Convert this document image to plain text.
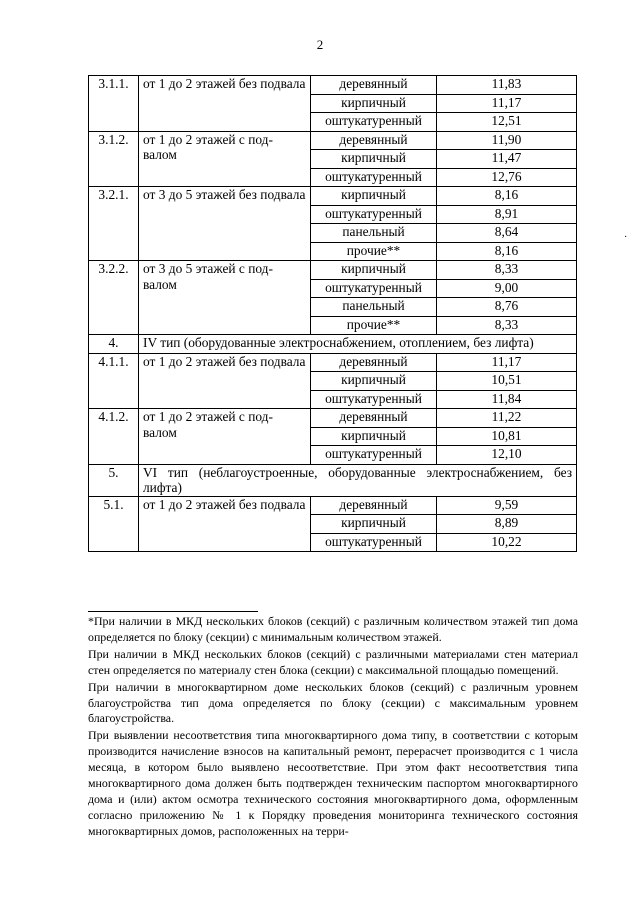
2
·
3.1.1.	от 1 до 2 этажей без подвала	деревянный	11,83
		кирпичный	11,17
		оштукатуренный	12,51
3.1.2.	от 1 до 2 этажей с под-валом	деревянный	11,90
		кирпичный	11,47
		оштукатуренный	12,76
3.2.1.	от 3 до 5 этажей без подвала	кирпичный	8,16
		оштукатуренный	8,91
		панельный	8,64
		прочие**	8,16
3.2.2.	от 3 до 5 этажей с под-валом	кирпичный	8,33
		оштукатуренный	9,00
		панельный	8,76
		прочие**	8,33
4.	IV тип (оборудованные электроснабжением, отоплением, без лифта)		
4.1.1.	от 1 до 2 этажей без подвала	деревянный	11,17
		кирпичный	10,51
		оштукатуренный	11,84
4.1.2.	от 1 до 2 этажей с под-валом	деревянный	11,22
		кирпичный	10,81
		оштукатуренный	12,10
5.	VI тип (неблагоустроенные, оборудованные электроснабжением, без лифта)		
5.1.	от 1 до 2 этажей без подвала	деревянный	9,59
		кирпичный	8,89
		оштукатуренный	10,22

*При наличии в МКД нескольких блоков (секций) с различным количеством этажей тип дома определяется по блоку (секции) с минимальным количеством этажей.

При наличии в МКД нескольких блоков (секций) с различными материалами стен материал стен определяется по материалу стен блока (секции) с максимальной площадью помещений.

При наличии в многоквартирном доме нескольких блоков (секций) с различным уровнем благоустройства тип дома определяется по блоку (секции) с максимальным уровнем благоустройства.

При выявлении несоответствия типа многоквартирного дома типу, в соответствии с которым производится начисление взносов на капитальный ремонт, перерасчет производится с 1 числа месяца, в котором было выявлено несоответствие. При этом факт несоответствия типа многоквартирного дома должен быть подтвержден техническим паспортом многоквартирного дома и (или) актом осмотра технического состояния многоквартирного дома, оформленным согласно приложению № 1 к Порядку проведения мониторинга технического состояния многоквартирных домов, расположенных на терри-
